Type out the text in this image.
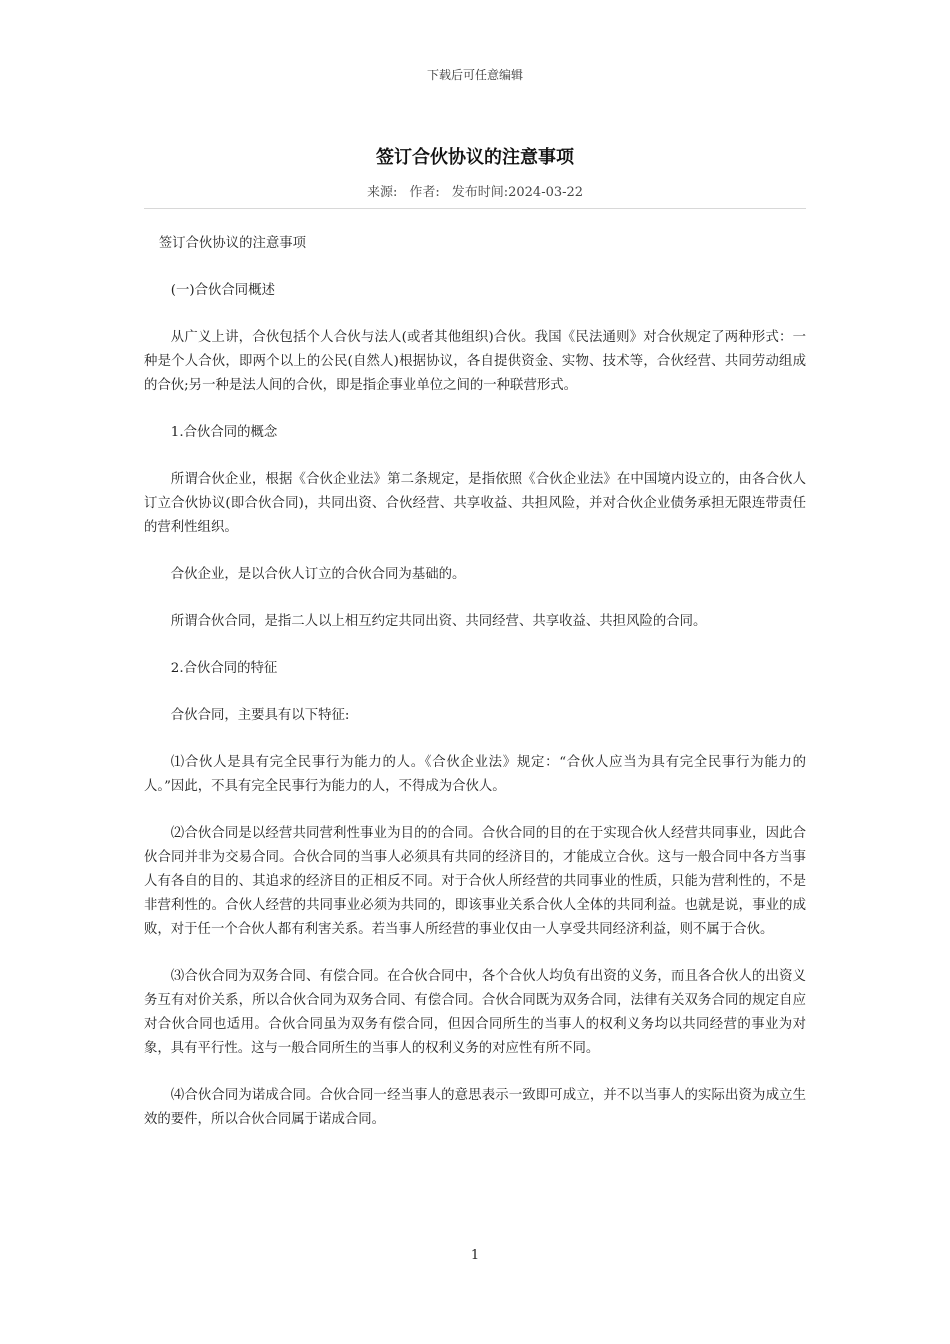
下载后可任意编辑
签订合伙协议的注意事项
来源: 作者: 发布时间:2024-03-22

签订合伙协议的注意事项

(一)合伙合同概述

从广义上讲，合伙包括个人合伙与法人(或者其他组织)合伙。我国《民法通则》对合伙规定了两种形式：一种是个人合伙，即两个以上的公民(自然人)根据协议，各自提供资金、实物、技术等，合伙经营、共同劳动组成的合伙;另一种是法人间的合伙，即是指企事业单位之间的一种联营形式。

1.合伙合同的概念

所谓合伙企业，根据《合伙企业法》第二条规定，是指依照《合伙企业法》在中国境内设立的，由各合伙人订立合伙协议(即合伙合同)，共同出资、合伙经营、共享收益、共担风险，并对合伙企业债务承担无限连带责任的营利性组织。

合伙企业，是以合伙人订立的合伙合同为基础的。

所谓合伙合同，是指二人以上相互约定共同出资、共同经营、共享收益、共担风险的合同。

2.合伙合同的特征

合伙合同，主要具有以下特征:

⑴合伙人是具有完全民事行为能力的人。《合伙企业法》规定：“合伙人应当为具有完全民事行为能力的人。”因此，不具有完全民事行为能力的人，不得成为合伙人。

⑵合伙合同是以经营共同营利性事业为目的的合同。合伙合同的目的在于实现合伙人经营共同事业，因此合伙合同并非为交易合同。合伙合同的当事人必须具有共同的经济目的，才能成立合伙。这与一般合同中各方当事人有各自的目的、其追求的经济目的正相反不同。对于合伙人所经营的共同事业的性质，只能为营利性的，不是非营利性的。合伙人经营的共同事业必须为共同的，即该事业关系合伙人全体的共同利益。也就是说，事业的成败，对于任一个合伙人都有利害关系。若当事人所经营的事业仅由一人享受共同经济利益，则不属于合伙。

⑶合伙合同为双务合同、有偿合同。在合伙合同中，各个合伙人均负有出资的义务，而且各合伙人的出资义务互有对价关系，所以合伙合同为双务合同、有偿合同。合伙合同既为双务合同，法律有关双务合同的规定自应对合伙合同也适用。合伙合同虽为双务有偿合同，但因合同所生的当事人的权利义务均以共同经营的事业为对象，具有平行性。这与一般合同所生的当事人的权利义务的对应性有所不同。

⑷合伙合同为诺成合同。合伙合同一经当事人的意思表示一致即可成立，并不以当事人的实际出资为成立生效的要件，所以合伙合同属于诺成合同。

1
